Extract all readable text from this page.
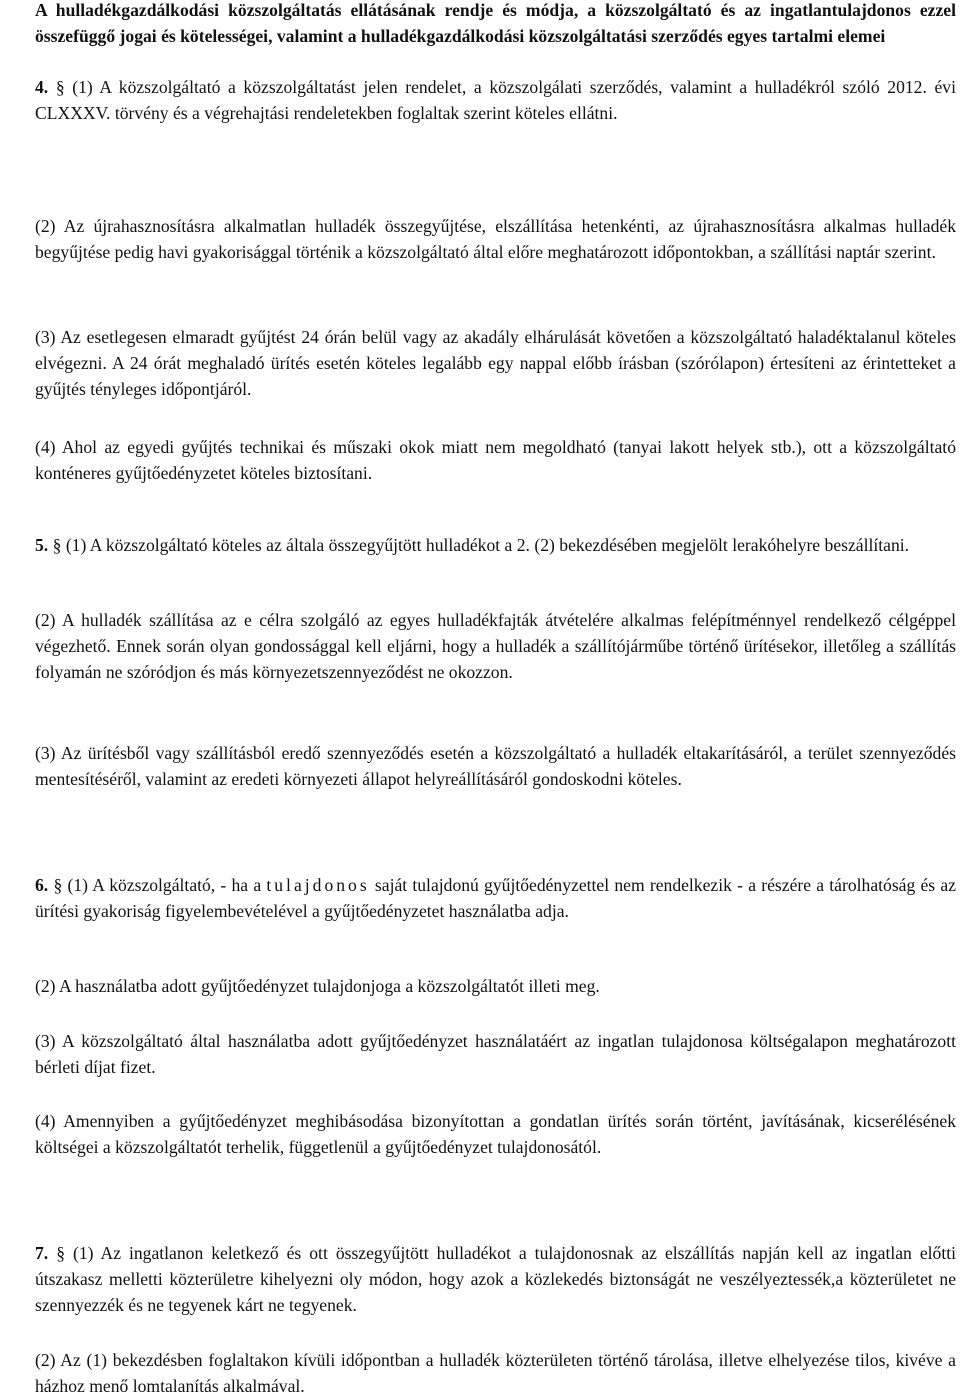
A hulladékgazdálkodási közszolgáltatás ellátásának rendje és módja, a közszolgáltató és az ingatlantulajdonos ezzel összefüggő jogai és kötelességei, valamint a hulladékgazdálkodási közszolgáltatási szerződés egyes tartalmi elemei

4. § (1) A közszolgáltató a közszolgáltatást jelen rendelet, a közszolgálati szerződés, valamint a hulladékról szóló 2012. évi CLXXXV. törvény és a végrehajtási rendeletekben foglaltak szerint köteles ellátni.

(2) Az újrahasznosításra alkalmatlan hulladék összegyűjtése, elszállítása hetenkénti, az újrahasznosításra alkalmas hulladék begyűjtése pedig havi gyakorisággal történik a közszolgáltató által előre meghatározott időpontokban, a szállítási naptár szerint.

(3) Az esetlegesen elmaradt gyűjtést 24 órán belül vagy az akadály elhárulását követően a közszolgáltató haladéktalanul köteles elvégezni. A 24 órát meghaladó ürítés esetén köteles legalább egy nappal előbb írásban (szórólapon) értesíteni az érintetteket a gyűjtés tényleges időpontjáról.

(4) Ahol az egyedi gyűjtés technikai és műszaki okok miatt nem megoldható (tanyai lakott helyek stb.), ott a közszolgáltató konténeres gyűjtőedényzetet köteles biztosítani.

5. § (1) A közszolgáltató köteles az általa összegyűjtött hulladékot a 2. (2) bekezdésében megjelölt lerakóhelyre beszállítani.

(2) A hulladék szállítása az e célra szolgáló az egyes hulladékfajták átvételére alkalmas felépítménnyel rendelkező célgéppel végezhető. Ennek során olyan gondossággal kell eljárni, hogy a hulladék a szállítójárműbe történő ürítésekor, illetőleg a szállítás folyamán ne szóródjon és más környezetszennyeződést ne okozzon.

(3) Az ürítésből vagy szállításból eredő szennyeződés esetén a közszolgáltató a hulladék eltakarításáról, a terület szennyeződés mentesítéséről, valamint az eredeti környezeti állapot helyreállításáról gondoskodni köteles.

6. § (1) A közszolgáltató, - ha a tulajdonos saját tulajdonú gyűjtőedényzettel nem rendelkezik - a részére a tárolhatóság és az ürítési gyakoriság figyelembevételével a gyűjtőedényzetet használatba adja.

(2) A használatba adott gyűjtőedényzet tulajdonjoga a közszolgáltatót illeti meg.

(3) A közszolgáltató által használatba adott gyűjtőedényzet használatáért az ingatlan tulajdonosa költségalapon meghatározott bérleti díjat fizet.

(4) Amennyiben a gyűjtőedényzet meghibásodása bizonyítottan a gondatlan ürítés során történt, javításának, kicserélésének költségei a közszolgáltatót terhelik, függetlenül a gyűjtőedényzet tulajdonosától.

7. § (1) Az ingatlanon keletkező és ott összegyűjtött hulladékot a tulajdonosnak az elszállítás napján kell az ingatlan előtti útszakasz melletti közterületre kihelyezni oly módon, hogy azok a közlekedés biztonságát ne veszélyeztessék,a közterületet ne szennyezzék és ne tegyenek kárt ne tegyenek.

(2) Az (1) bekezdésben foglaltakon kívüli időpontban a hulladék közterületen történő tárolása, illetve elhelyezése tilos, kivéve a házhoz menő lomtalanítás alkalmával.
